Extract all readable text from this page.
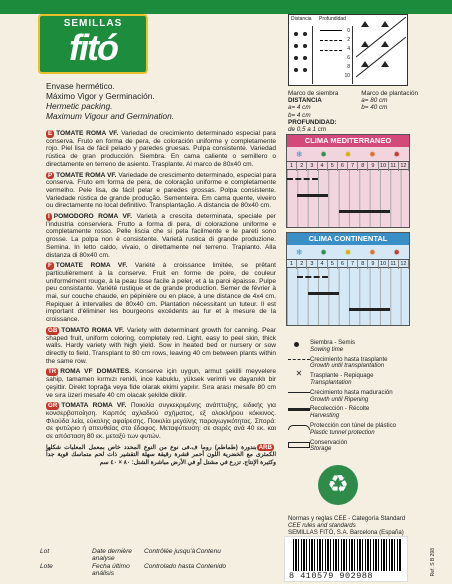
SEMILLAS
fitó
Envase hermético.
Máximo Vigor y Germinación.
Hermetic packing.
Maximum Vigour and Germination.

E TOMATE ROMA VF. Variedad de crecimiento determinado especial para conserva. Fruto en forma de pera, de coloración uniforme y completamente rojo. Piel lisa de fácil pelado y paredes gruesas. Pulpa consistente. Variedad rústica de gran producción. Siembra. En cama caliente o semillero o directamente en terreno de asiento. Trasplante. Al marco de 80x40 cm.

P TOMATE ROMA VF. Variedade de crescimento determinado, especial para conserva. Fruto em forma de pera, de coloração uniforme e completamente vermelho. Pele lisa, de fácil pelar e paredes grossas. Polpa consistente. Variedade rústica de grande produção. Sementeira. Em cama quente, viveiro ou directamente no local definitivo. Transplantação. A distancia de 80x40 cm.

I POMODORO ROMA VF. Varietà a crescita determinata, speciale per l'industria conserviera. Frutto a forma di pera, di colorazione uniforme e completamente rosso. Pelle liscia che si pela facilmente e le pareti sono grosse. La polpa non è consistente. Varietà rustica di grande produzione. Semina. In letto caldo, vivaio, o direttamente nel terreno. Trapianto. Alla distanza di 80x40 cm.

F TOMATE ROMA VF. Variété à croissance limitée, se prêtant particulièrement à la conserve. Fruit en forme de poire, de couleur uniformément rouge, à la peau lisse facile à peler, et à la paroi épaisse. Pulpe peu consistante. Variété rustique et de grande production. Semer de février à mai, sur couche chaude, en pépinière ou en place, à une distance de 4x4 cm. Repiquer à intervalles de 80x40 cm. Plantation nécessitant un tuteur. Il est important d'éliminer les bourgeons excédents au fur et à mesure de la croissance.

GB TOMATO ROMA VF. Variety with determinant growth for canning. Pear shaped fruit, uniform coloring, completely red. Light, easy to peel skin, thick walls. Hardy variety with high yield. Sow in heated bed or nursery or sow directly to field. Transplant to 80 cm rows, leaving 40 cm between plants within the same row.

TR ROMA VF DOMATES. Konserve için uygun, armut şekilli meyvelere sahip, tamamen kırmızı renkli, ince kabuklu, yüksek verimli ve dayanıklı bir çeşittir. Direkt toprağa veya fide olarak ekimi yapılır. Sıra arası mesafe 80 cm ve sıra üzeri mesafe 40 cm olacak şekilde dikilir.

GR TOMATA ROMA VF. Ποικιλία συγκεκριμένης ανάπτυξης, ειδικής για κονσερβοποίηση. Καρπός αχλαδιού σχήματος, εξ ολοκλήρου κόκκινος. Φλούδα λεία, εύκολης αφαίρεσης. Ποικιλία μεγάλης παραγωγικότητας. Σπορά: σε φυτώριο ή απευθείας στο έδαφος. Μεταφύτευση: σε σειρές ανά 40 εκ. και σε απόσταση 80 εκ. μεταξύ των φυτών.

ARBبندورة (طماطم) روما ف.فى نوع من النوع المحدد خاص بمعمل المعلبات شكلها الكمثرى مع الخضرية اللون أحمر قشرة رقيقة سهلة التقشير ذات لحم متماسك قوية جداً وكثيرة الإنتاج. تزرع في مشتل أو في الأرض مباشرة الشتل: ٨٠ × ٤٠ سم

Distancia Profundidad
0
2
4
6
8
10
Marco de siembra
DISTANCIA
a= 4 cm
b= 4 cm
Marco de plantación
a= 80 cm
b= 40 cm
PROFUNDIDAD:
de 0,5 a 1 cm
CLIMA MEDITERRANEO
❄ ✹ ✹ ✹ ✹
1	2	3	4	5	6	7	8	9	10 11 12
CLIMA CONTINENTAL
❄ ✹ ✹ ✹ ✹
1	2	3	4	5	6	7	8	9	10 11 12
Siembra - Semis
Sowing time
Crecimiento hasta trasplante
Growth until transplantation
✕	Trasplante - Repiquage
Transplantation
Crecimiento hasta maduración
Growth until Ripening
Recolección - Récolte
Harvesting
Protección con túnel de plástico
Plastic tunnel protection
Conservación
Storage
♻
Normas y reglas CEE - Categoría Standard
CEE rules and standards
SEMILLAS FITÓ, S.A. Barcelona (España)
Lot	Date dernière analyse
Contrôlée jusqu'à Contenu
Lote	Fecha último análisis
Controlado hasta Contenido
8 410579 902988	Ref. S B 298
